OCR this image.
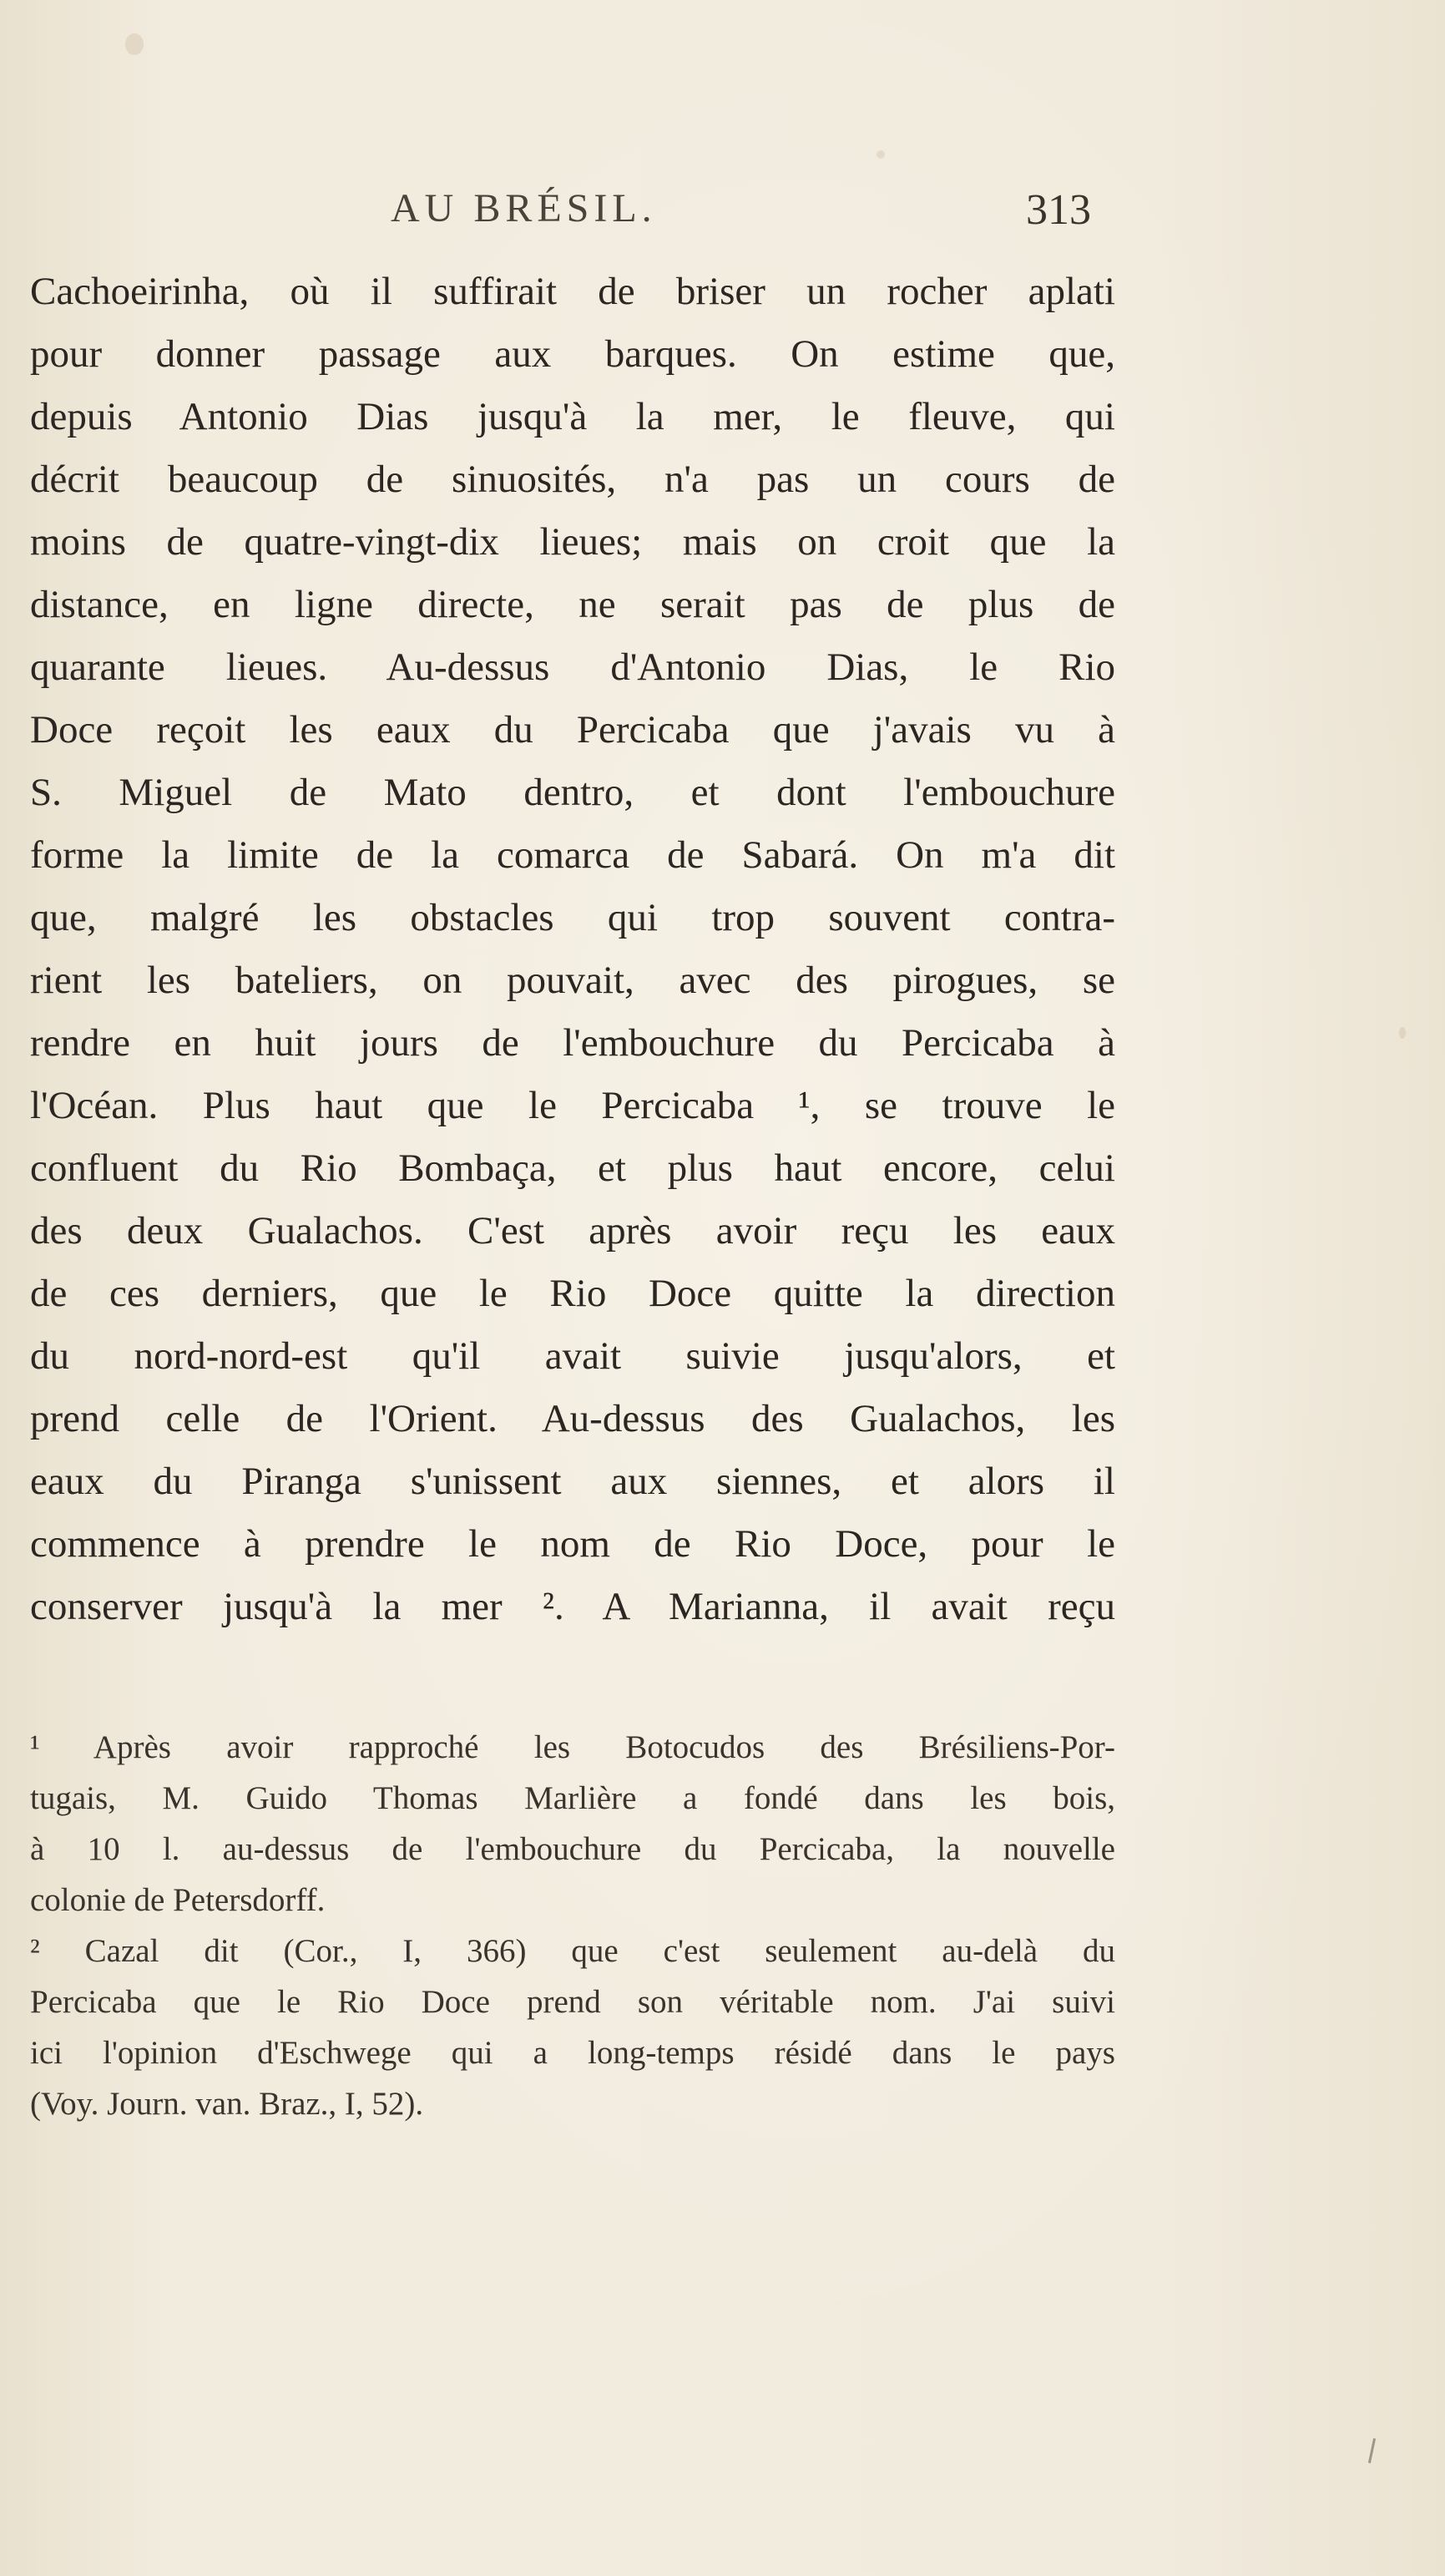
AU BRÉSIL.	313
Cachoeirinha, où il suffirait de briser un rocher aplati
pour donner passage aux barques. On estime que,
depuis Antonio Dias jusqu'à la mer, le fleuve, qui
décrit beaucoup de sinuosités, n'a pas un cours de
moins de quatre-vingt-dix lieues; mais on croit que la
distance, en ligne directe, ne serait pas de plus de
quarante lieues. Au-dessus d'Antonio Dias, le Rio
Doce reçoit les eaux du Percicaba que j'avais vu à
S. Miguel de Mato dentro, et dont l'embouchure
forme la limite de la comarca de Sabará. On m'a dit
que, malgré les obstacles qui trop souvent contra-
rient les bateliers, on pouvait, avec des pirogues, se
rendre en huit jours de l'embouchure du Percicaba à
l'Océan. Plus haut que le Percicaba ¹, se trouve le
confluent du Rio Bombaça, et plus haut encore, celui
des deux Gualachos. C'est après avoir reçu les eaux
de ces derniers, que le Rio Doce quitte la direction
du nord-nord-est qu'il avait suivie jusqu'alors, et
prend celle de l'Orient. Au-dessus des Gualachos, les
eaux du Piranga s'unissent aux siennes, et alors il
commence à prendre le nom de Rio Doce, pour le
conserver jusqu'à la mer ². A Marianna, il avait reçu
¹ Après avoir rapproché les Botocudos des Brésiliens-Por-
tugais, M. Guido Thomas Marlière a fondé dans les bois,
à 10 l. au-dessus de l'embouchure du Percicaba, la nouvelle
colonie de Petersdorff.
² Cazal dit (Cor., I, 366) que c'est seulement au-delà du
Percicaba que le Rio Doce prend son véritable nom. J'ai suivi
ici l'opinion d'Eschwege qui a long-temps résidé dans le pays
(Voy. Journ. van. Braz., I, 52).
